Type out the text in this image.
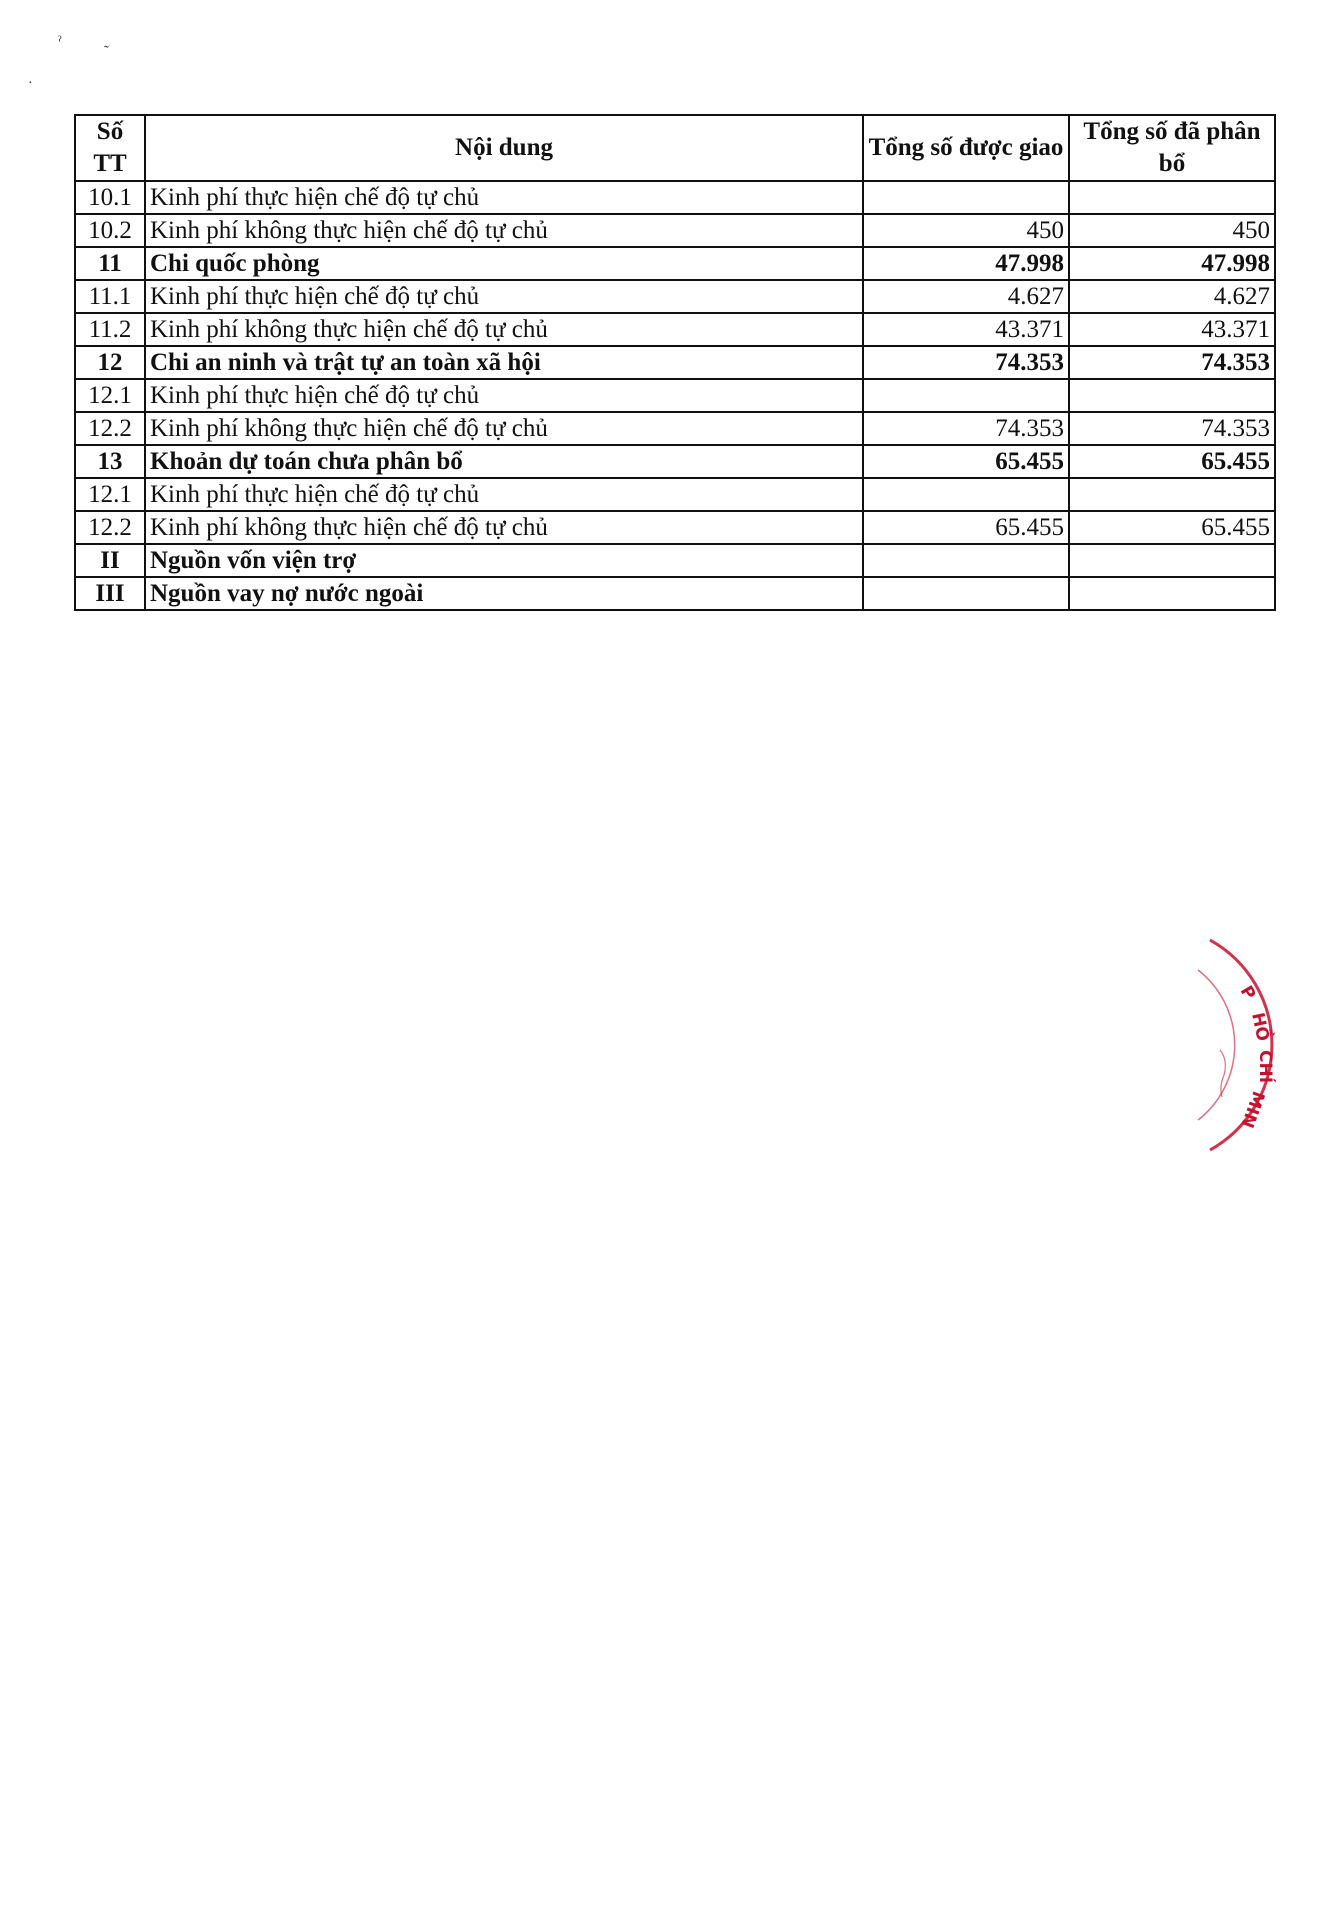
ˀ	˷
·
Số TT	Nội dung	Tổng số được giao	Tổng số đã phân bổ
10.1	Kinh phí thực hiện chế độ tự chủ		
10.2	Kinh phí không thực hiện chế độ tự chủ	450	450
11	Chi quốc phòng	47.998	47.998
11.1	Kinh phí thực hiện chế độ tự chủ	4.627	4.627
11.2	Kinh phí không thực hiện chế độ tự chủ	43.371	43.371
12	Chi an ninh và trật tự an toàn xã hội	74.353	74.353
12.1	Kinh phí thực hiện chế độ tự chủ		
12.2	Kinh phí không thực hiện chế độ tự chủ	74.353	74.353
13	Khoản dự toán chưa phân bổ	65.455	65.455
12.1	Kinh phí thực hiện chế độ tự chủ		
12.2	Kinh phí không thực hiện chế độ tự chủ	65.455	65.455
II	Nguồn vốn viện trợ		
III	Nguồn vay nợ nước ngoài		
P
HỒ
CHÍ
MIN
